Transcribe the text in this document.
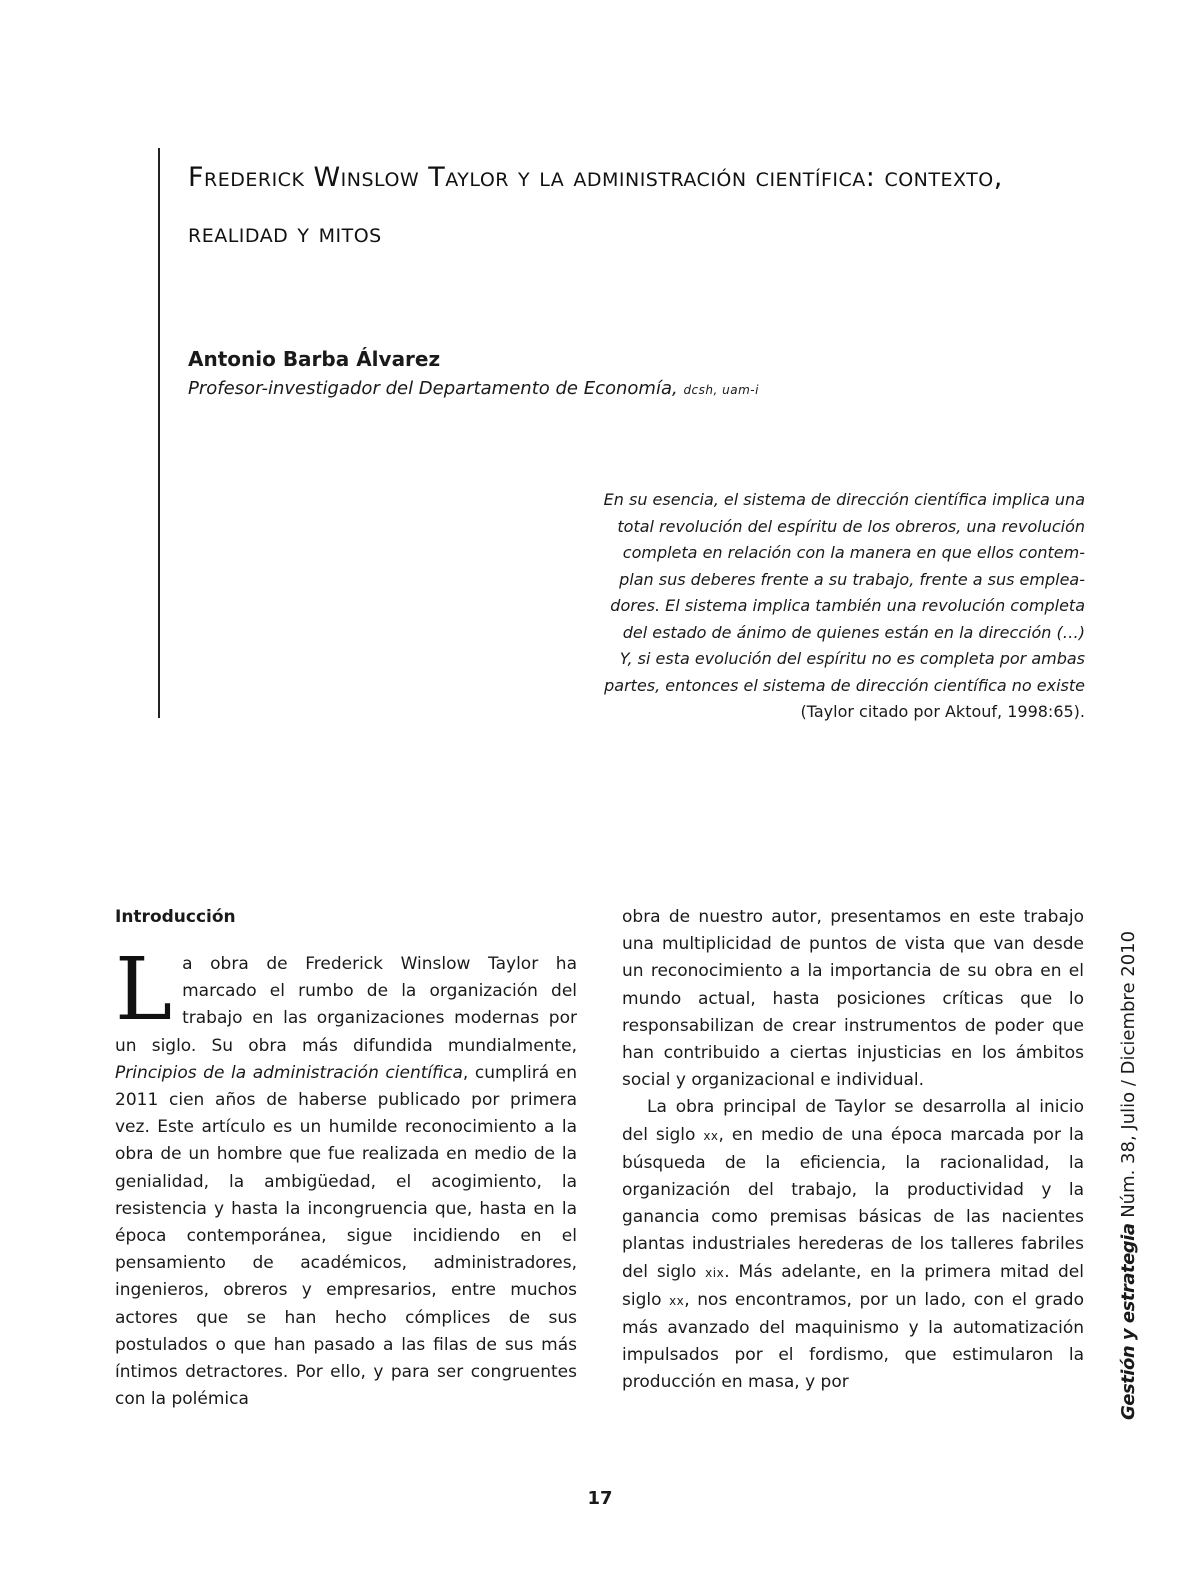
Frederick Winslow Taylor y la administración científica: contexto, realidad y mitos

Antonio Barba Álvarez

Profesor-investigador del Departamento de Economía, dcsh, uam-i

En su esencia, el sistema de dirección científica implica una
total revolución del espíritu de los obreros, una revolución
completa en relación con la manera en que ellos contem-
plan sus deberes frente a su trabajo, frente a sus emplea-
dores. El sistema implica también una revolución completa
del estado de ánimo de quienes están en la dirección (…)
Y, si esta evolución del espíritu no es completa por ambas
partes, entonces el sistema de dirección científica no existe
(Taylor citado por Aktouf, 1998:65).
Introducción

La obra de Frederick Winslow Taylor ha marcado el rumbo de la organización del trabajo en las organizaciones modernas por un siglo. Su obra más difundida mundialmente, Principios de la administración científica, cumplirá en 2011 cien años de haberse publicado por primera vez. Este artículo es un humilde reconocimiento a la obra de un hombre que fue realizada en medio de la genialidad, la ambigüedad, el acogimiento, la resistencia y hasta la incongruencia que, hasta en la época contemporánea, sigue incidiendo en el pensamiento de académicos, administradores, ingenieros, obreros y empresarios, entre muchos actores que se han hecho cómplices de sus postulados o que han pasado a las filas de sus más íntimos detractores. Por ello, y para ser congruentes con la polémica

obra de nuestro autor, presentamos en este trabajo una multiplicidad de puntos de vista que van desde un reconocimiento a la importancia de su obra en el mundo actual, hasta posiciones críticas que lo responsabilizan de crear instrumentos de poder que han contribuido a ciertas injusticias en los ámbitos social y organizacional e individual.

La obra principal de Taylor se desarrolla al inicio del siglo xx, en medio de una época marcada por la búsqueda de la eficiencia, la racionalidad, la organización del trabajo, la productividad y la ganancia como premisas básicas de las nacientes plantas industriales herederas de los talleres fabriles del siglo xix. Más adelante, en la primera mitad del siglo xx, nos encontramos, por un lado, con el grado más avanzado del maquinismo y la automatización impulsados por el fordismo, que estimularon la producción en masa, y por	Gestión y estrategia Núm. 38, Julio / Diciembre 2010
17
